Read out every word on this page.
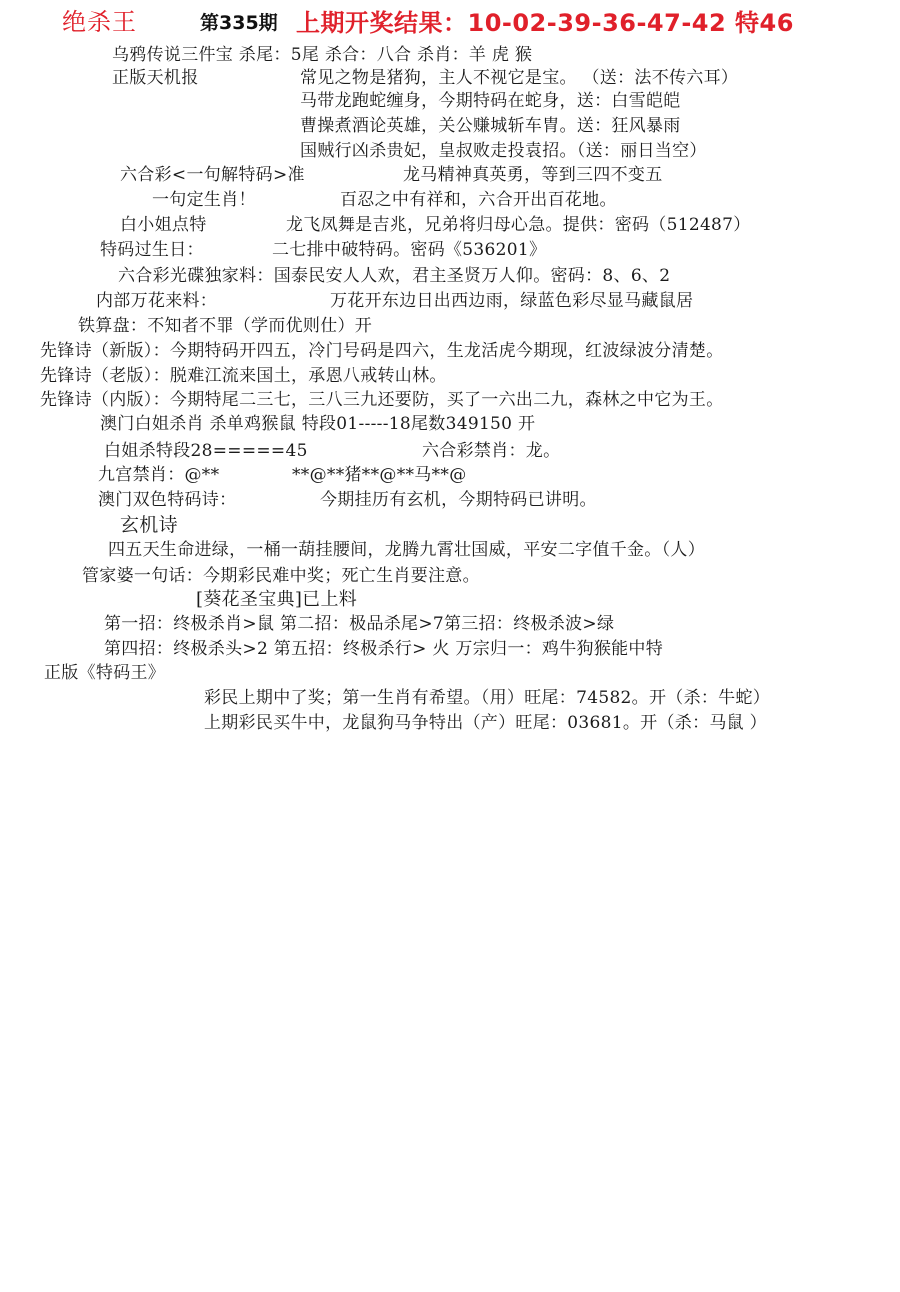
绝杀王	第335期 上期开奖结果：10-02-39-36-47-42 特46
乌鸦传说三件宝 杀尾：5尾 杀合：八合 杀肖：羊 虎 猴
正版天机报	常见之物是猪狗，主人不视它是宝。 （送：法不传六耳）
马带龙跑蛇缠身，今期特码在蛇身，送：白雪皑皑
曹操煮酒论英雄，关公赚城斩车胄。送：狂风暴雨
国贼行凶杀贵妃，皇叔败走投袁招。（送：丽日当空）
六合彩<一句解特码>准	龙马精神真英勇，等到三四不变五
一句定生肖！	百忍之中有祥和，六合开出百花地。
白小姐点特	龙飞凤舞是吉兆，兄弟将归母心急。提供：密码（512487）
特码过生日：	二七排中破特码。密码《536201》
六合彩光碟独家料：国泰民安人人欢，君主圣贤万人仰。密码：8、6、2
内部万花来料：	万花开东边日出西边雨，绿蓝色彩尽显马藏鼠居
铁算盘：不知者不罪（学而优则仕）开
先锋诗（新版）：今期特码开四五，冷门号码是四六，生龙活虎今期现，红波绿波分清楚。
先锋诗（老版）：脱难江流来国土，承恩八戒转山林。
先锋诗（内版）：今期特尾二三七，三八三九还要防，买了一六出二九，森林之中它为王。
澳门白姐杀肖 杀单鸡猴鼠 特段01-----18尾数349150 开
白姐杀特段28=====45	六合彩禁肖：龙。
九宫禁肖：@**	**@**猪**@**马**@
澳门双色特码诗：	今期挂历有玄机，今期特码已讲明。
玄机诗
四五天生命进绿，一桶一葫挂腰间，龙腾九霄壮国威，平安二字值千金。（人）
管家婆一句话：今期彩民难中奖；死亡生肖要注意。
[葵花圣宝典]已上料
第一招：终极杀肖>鼠 第二招：极品杀尾>7第三招：终极杀波>绿
第四招：终极杀头>2 第五招：终极杀行> 火 万宗归一：鸡牛狗猴能中特
正版《特码王》
彩民上期中了奖；第一生肖有希望。（用）旺尾：74582。开（杀：牛蛇）
上期彩民买牛中，龙鼠狗马争特出（产）旺尾：03681。开（杀：马鼠 ）
